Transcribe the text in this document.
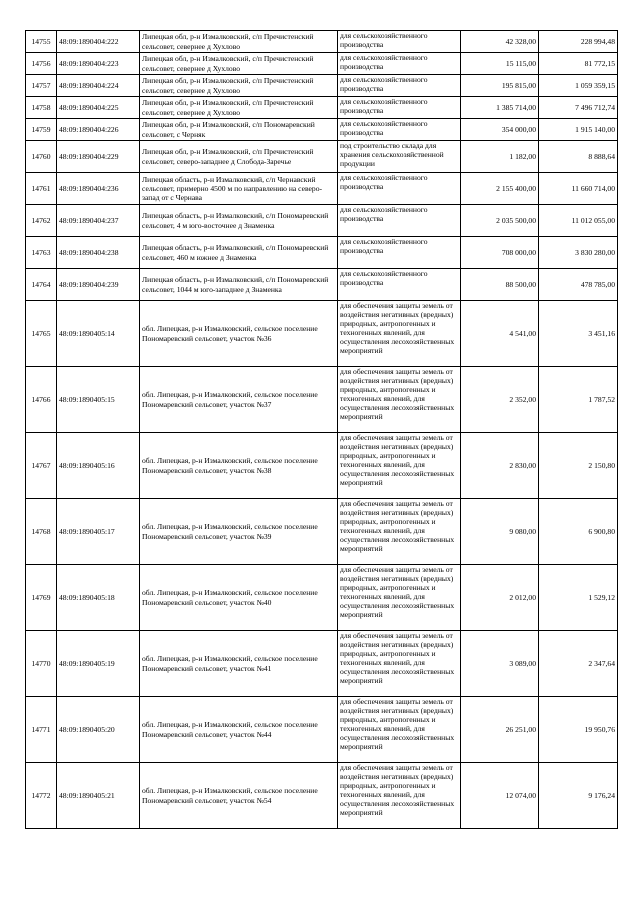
14755	48:09:1890404:222	Липецкая обл, р-н Измалковский, с/п Пречистенский сельсовет, севернее д Хухлово	для сельскохозяйственного производства	42 328,00	228 994,48
14756	48:09:1890404:223	Липецкая обл, р-н Измалковский, с/п Пречистенский сельсовет, севернее д Хухлово	для сельскохозяйственного производства	15 115,00	81 772,15
14757	48:09:1890404:224	Липецкая обл, р-н Измалковский, с/п Пречистенский сельсовет, севернее д Хухлово	для сельскохозяйственного производства	195 815,00	1 059 359,15
14758	48:09:1890404:225	Липецкая обл, р-н Измалковский, с/п Пречистенский сельсовет, севернее д Хухлово	для сельскохозяйственного производства	1 385 714,00	7 496 712,74
14759	48:09:1890404:226	Липецкая обл, р-н Измалковский, с/п Пономаревский сельсовет, с Черняк	для сельскохозяйственного производства	354 000,00	1 915 140,00
14760	48:09:1890404:229	Липецкая обл, р-н Измалковский, с/п Пречистенский сельсовет, северо-западнее д Слобода-Заречье	под строительство склада для хранения сельскохозяйственной продукции	1 182,00	8 888,64
14761	48:09:1890404:236	Липецкая область, р-н Измалковский, с/п Чернавский сельсовет, примерно 4500 м по направлению на северо-запад от с Чернава	для сельскохозяйственного производства	2 155 400,00	11 660 714,00
14762	48:09:1890404:237	Липецкая область, р-н Измалковский, с/п Пономаревский сельсовет, 4 м юго-восточнее д Знаменка	для сельскохозяйственного производства	2 035 500,00	11 012 055,00
14763	48:09:1890404:238	Липецкая область, р-н Измалковский, с/п Пономаревский сельсовет, 460 м южнее д Знаменка	для сельскохозяйственного производства	708 000,00	3 830 280,00
14764	48:09:1890404:239	Липецкая область, р-н Измалковский, с/п Пономаревский сельсовет, 1044 м юго-западнее д Знаменка	для сельскохозяйственного производства	88 500,00	478 785,00
14765	48:09:1890405:14	обл. Липецкая, р-н Измалковский, сельское поселение Пономаревский сельсовет, участок №36	для обеспечения защиты земель от воздействия негативных (вредных) природных, антропогенных и техногенных явлений, для осуществления лесохозяйственных мероприятий	4 541,00	3 451,16
14766	48:09:1890405:15	обл. Липецкая, р-н Измалковский, сельское поселение Пономаревский сельсовет, участок №37	для обеспечения защиты земель от воздействия негативных (вредных) природных, антропогенных и техногенных явлений, для осуществления лесохозяйственных мероприятий	2 352,00	1 787,52
14767	48:09:1890405:16	обл. Липецкая, р-н Измалковский, сельское поселение Пономаревский сельсовет, участок №38	для обеспечения защиты земель от воздействия негативных (вредных) природных, антропогенных и техногенных явлений, для осуществления лесохозяйственных мероприятий	2 830,00	2 150,80
14768	48:09:1890405:17	обл. Липецкая, р-н Измалковский, сельское поселение Пономаревский сельсовет, участок №39	для обеспечения защиты земель от воздействия негативных (вредных) природных, антропогенных и техногенных явлений, для осуществления лесохозяйственных мероприятий	9 080,00	6 900,80
14769	48:09:1890405:18	обл. Липецкая, р-н Измалковский, сельское поселение Пономаревский сельсовет, участок №40	для обеспечения защиты земель от воздействия негативных (вредных) природных, антропогенных и техногенных явлений, для осуществления лесохозяйственных мероприятий	2 012,00	1 529,12
14770	48:09:1890405:19	обл. Липецкая, р-н Измалковский, сельское поселение Пономаревский сельсовет, участок №41	для обеспечения защиты земель от воздействия негативных (вредных) природных, антропогенных и техногенных явлений, для осуществления лесохозяйственных мероприятий	3 089,00	2 347,64
14771	48:09:1890405:20	обл. Липецкая, р-н Измалковский, сельское поселение Пономаревский сельсовет, участок №44	для обеспечения защиты земель от воздействия негативных (вредных) природных, антропогенных и техногенных явлений, для осуществления лесохозяйственных мероприятий	26 251,00	19 950,76
14772	48:09:1890405:21	обл. Липецкая, р-н Измалковский, сельское поселение Пономаревский сельсовет, участок №54	для обеспечения защиты земель от воздействия негативных (вредных) природных, антропогенных и техногенных явлений, для осуществления лесохозяйственных мероприятий	12 074,00	9 176,24
